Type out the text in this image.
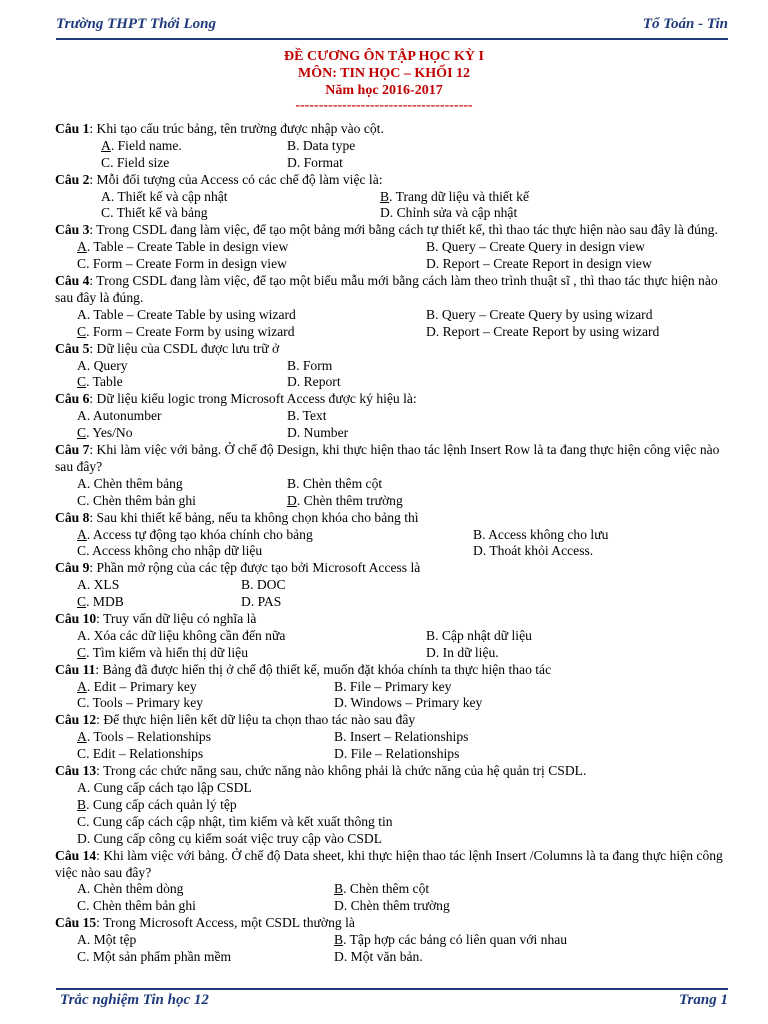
Trường THPT Thới Long	Tổ Toán - Tin
ĐỀ CƯƠNG ÔN TẬP HỌC KỲ I
MÔN: TIN HỌC – KHỐI 12
Năm học 2016-2017
--------------------------------------
Câu 1: Khi tạo cấu trúc bảng, tên trường được nhập vào cột.
A. Field name.	B. Data type
C. Field size	D. Format
Câu 2: Mỗi đối tượng của Access có các chế độ làm việc là:
A. Thiết kế và cập nhật	B. Trang dữ liệu và thiết kế
C. Thiết kế và bảng	D. Chỉnh sửa và cập nhật
Câu 3: Trong CSDL đang làm việc, để tạo một bảng mới bằng cách tự thiết kế, thì thao tác thực hiện nào sau đây là đúng.
A. Table – Create Table in design view	B. Query – Create Query in design view
C. Form – Create Form in design view	D. Report – Create Report in design view
Câu 4: Trong CSDL đang làm việc, để tạo một biểu mẫu mới bằng cách làm theo trình thuật sĩ , thì thao tác thực hiện nào sau đây là đúng.
A. Table – Create Table by using wizard	B. Query – Create Query by using wizard
C. Form – Create Form by using wizard	D. Report – Create Report by using wizard
Câu 5: Dữ liệu của CSDL được lưu trữ ở
A. Query	B. Form
C. Table	D. Report
Câu 6: Dữ liệu kiểu logic trong Microsoft Access được ký hiệu là:
A. Autonumber	B. Text
C. Yes/No	D. Number
Câu 7: Khi làm việc với bảng. Ở chế độ Design, khi thực hiện thao tác lệnh Insert Row là ta đang thực hiện công việc nào sau đây?
A. Chèn thêm bảng	B. Chèn thêm cột
C. Chèn thêm bản ghi	D. Chèn thêm trường
Câu 8: Sau khi thiết kế bảng, nếu ta không chọn khóa cho bảng thì
A. Access tự động tạo khóa chính cho bảng	B. Access không cho lưu
C. Access không cho nhập dữ liệu	D. Thoát khỏi Access.
Câu 9: Phần mở rộng của các tệp được tạo bởi Microsoft Access là
A. XLS	B. DOC
C. MDB	D. PAS
Câu 10: Truy vấn dữ liệu có nghĩa là
A. Xóa các dữ liệu không cần đến nữa	B. Cập nhật dữ liệu
C. Tìm kiếm và hiển thị dữ liệu	D. In dữ liệu.
Câu 11: Bảng đã được hiển thị ở chế độ thiết kế, muốn đặt khóa chính ta thực hiện thao tác
A. Edit – Primary key	B. File – Primary key
C. Tools – Primary key	D. Windows – Primary key
Câu 12: Để thực hiện liên kết dữ liệu ta chọn thao tác nào sau đây
A. Tools – Relationships	B. Insert – Relationships
C. Edit – Relationships	D. File – Relationships
Câu 13: Trong các chức năng sau, chức năng nào không phải là chức năng của hệ quản trị CSDL.
A. Cung cấp cách tạo lập CSDL
B. Cung cấp cách quản lý tệp
C. Cung cấp cách cập nhật, tìm kiếm và kết xuất thông tin
D. Cung cấp công cụ kiểm soát việc truy cập vào CSDL
Câu 14: Khi làm việc với bảng. Ở chế độ Data sheet, khi thực hiện thao tác lệnh Insert /Columns là ta đang thực hiện công việc nào sau đây?
A. Chèn thêm dòng	B. Chèn thêm cột
C. Chèn thêm bản ghi	D. Chèn thêm trường
Câu 15: Trong Microsoft Access, một CSDL thường là
A. Một tệp	B. Tập hợp các bảng có liên quan với nhau
C. Một sản phẩm phần mềm	D. Một văn bản.
Trắc nghiệm Tin học 12	Trang 1
